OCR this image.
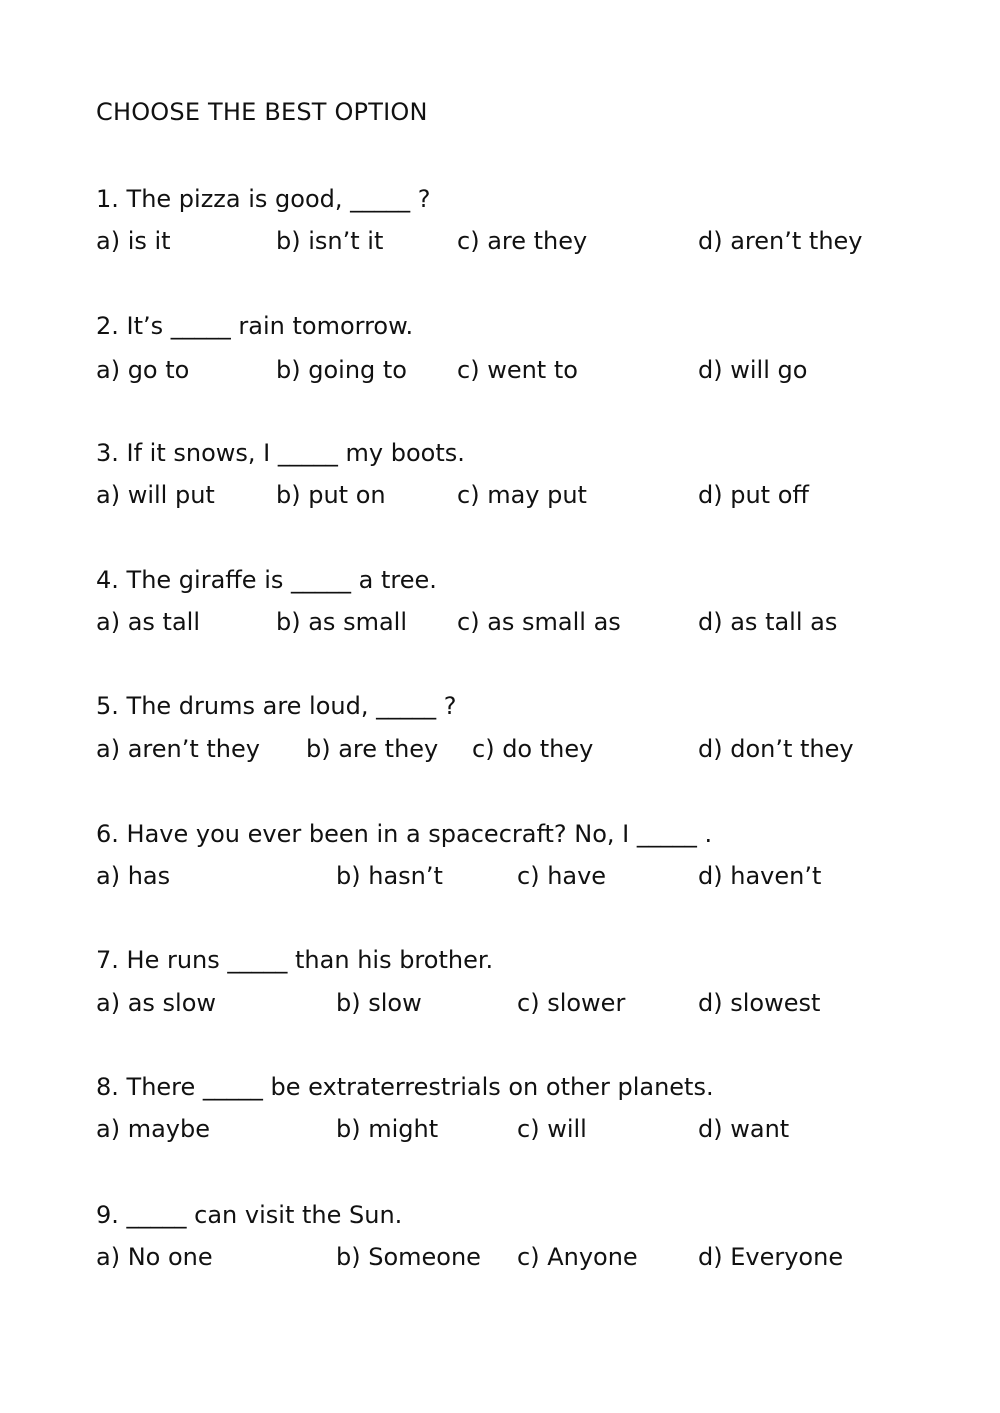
CHOOSE THE BEST OPTION
1. The pizza is good, _____ ?
a) is it	b) isn’t it	c) are they	d) aren’t they
2. It’s _____ rain tomorrow.
a) go to	b) going to c) went to	d) will go
3. If it snows, I _____ my boots.
a) will put	b) put on	c) may put	d) put off
4. The giraffe is _____ a tree.
a) as tall	b) as small c) as small as	d) as tall as
5. The drums are loud, _____ ?
a) aren’t they b) are they c) do they	d) don’t they
6. Have you ever been in a spacecraft? No, I _____ .
a) has	b) hasn’t	c) have	d) haven’t
7. He runs _____ than his brother.
a) as slow	b) slow	c) slower	d) slowest
8. There _____ be extraterrestrials on other planets.
a) maybe	b) might	c) will	d) want
9. _____ can visit the Sun.
a) No one	b) Someone c) Anyone	d) Everyone
